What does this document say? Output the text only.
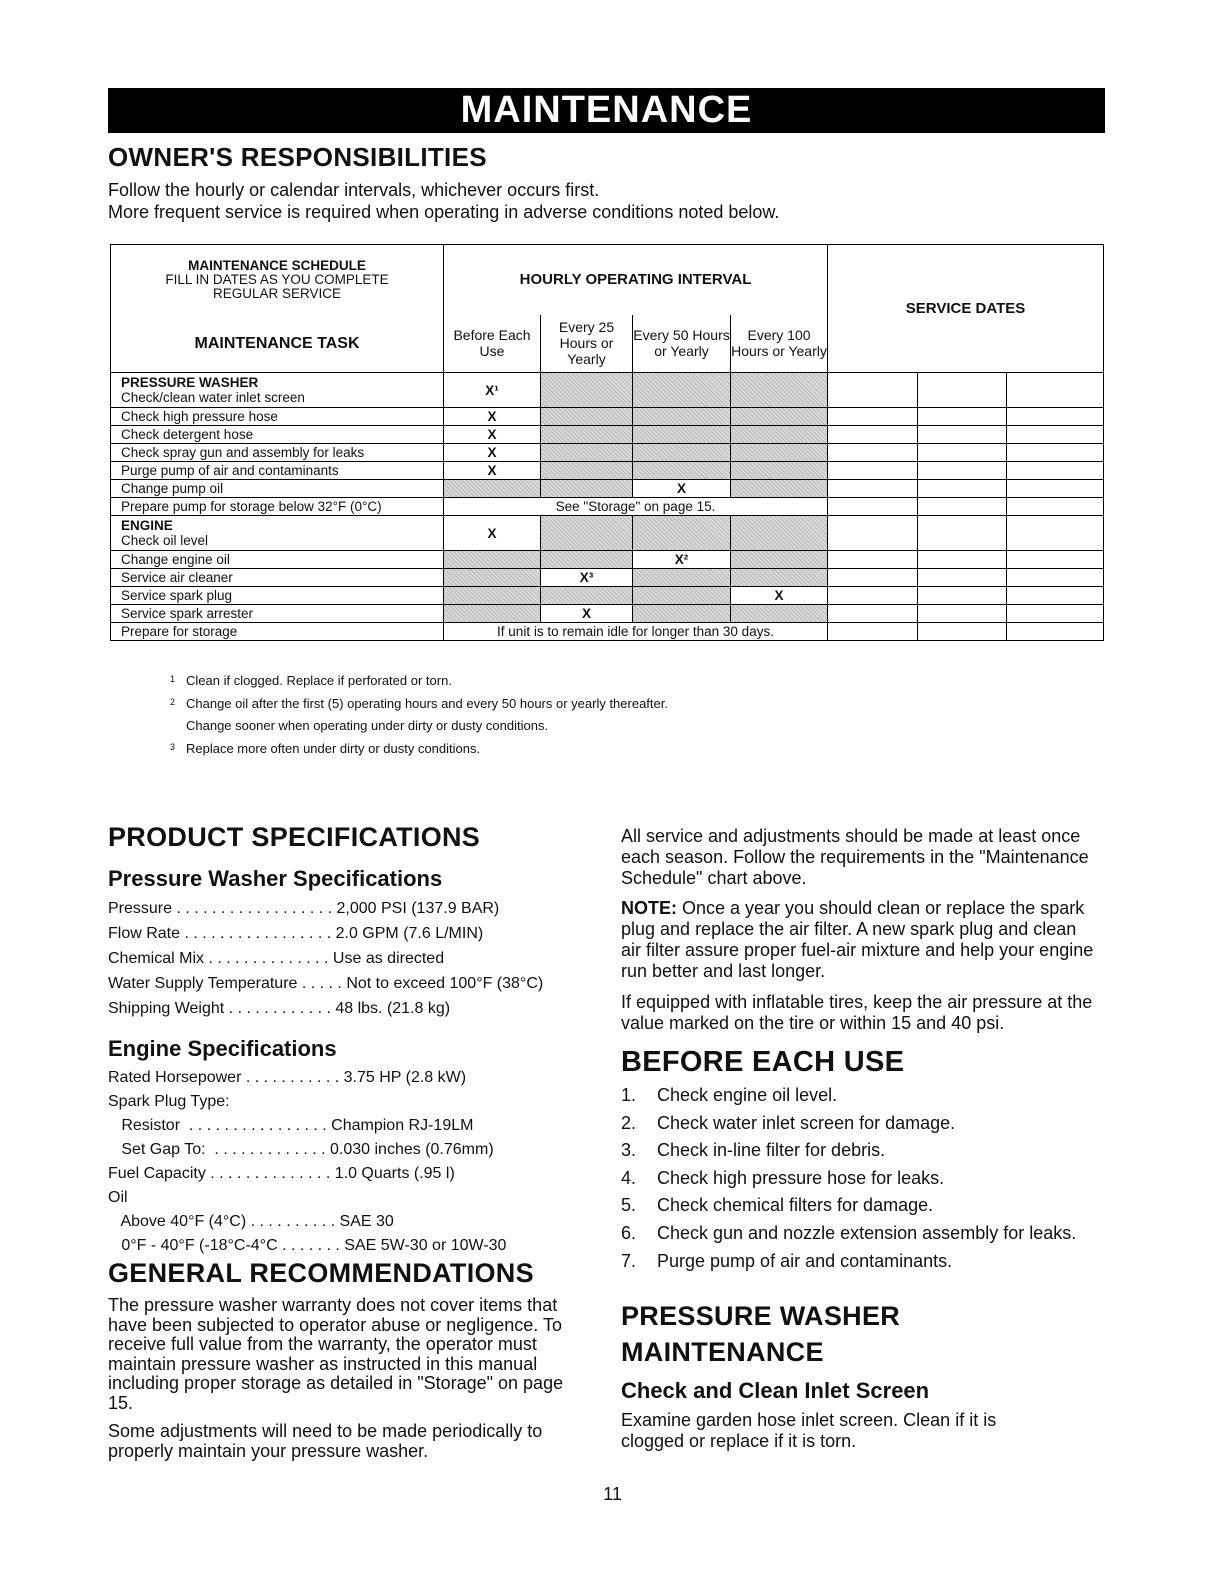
MAINTENANCE
OWNER'S RESPONSIBILITIES
Follow the hourly or calendar intervals, whichever occurs first.
More frequent service is required when operating in adverse conditions noted below.
MAINTENANCE SCHEDULE
FILL IN DATES AS YOU COMPLETE
REGULAR SERVICE	HOURLY OPERATING INTERVAL				SERVICE DATES		
MAINTENANCE TASK	Before Each Use	Every 25 Hours or Yearly	Every 50 Hours or Yearly	Every 100 Hours or Yearly			

PRESSURE WASHER
Check/clean water inlet screen	X¹						
Check high pressure hose	X						
Check detergent hose	X						
Check spray gun and assembly for leaks	X						
Purge pump of air and contaminants	X						
Change pump oil			X				
Prepare pump for storage below 32°F (0°C)	See "Storage" on page 15.						

ENGINE
Check oil level	X						
Change engine oil			X²				
Service air cleaner		X³					
Service spark plug				X			
Service spark arrester		X					
Prepare for storage	If unit is to remain idle for longer than 30 days.						
1 Clean if clogged. Replace if perforated or torn.
2 Change oil after the first (5) operating hours and every 50 hours or yearly thereafter.
Change sooner when operating under dirty or dusty conditions.
3 Replace more often under dirty or dusty conditions.
PRODUCT SPECIFICATIONS
Pressure Washer Specifications
Pressure . . . . . . . . . . . . . . . . . . 2,000 PSI (137.9 BAR)
Flow Rate . . . . . . . . . . . . . . . . . 2.0 GPM (7.6 L/MIN)
Chemical Mix . . . . . . . . . . . . . . Use as directed
Water Supply Temperature . . . . . Not to exceed 100°F (38°C)
Shipping Weight . . . . . . . . . . . . 48 lbs. (21.8 kg)
Engine Specifications
Rated Horsepower . . . . . . . . . . . 3.75 HP (2.8 kW)
Spark Plug Type:
Resistor  . . . . . . . . . . . . . . . . Champion RJ-19LM
Set Gap To:  . . . . . . . . . . . . . 0.030 inches (0.76mm)
Fuel Capacity . . . . . . . . . . . . . . 1.0 Quarts (.95 l)
Oil
Above 40°F (4°C) . . . . . . . . . . SAE 30
0°F - 40°F (-18°C-4°C . . . . . . . SAE 5W-30 or 10W-30
GENERAL RECOMMENDATIONS
The pressure washer warranty does not cover items that have been subjected to operator abuse or negligence. To receive full value from the warranty, the operator must maintain pressure washer as instructed in this manual including proper storage as detailed in "Storage" on page 15.
Some adjustments will need to be made periodically to properly maintain your pressure washer.
All service and adjustments should be made at least once each season. Follow the requirements in the "Maintenance Schedule" chart above.
NOTE: Once a year you should clean or replace the spark plug and replace the air filter. A new spark plug and clean air filter assure proper fuel-air mixture and help your engine run better and last longer.
If equipped with inflatable tires, keep the air pressure at the value marked on the tire or within 15 and 40 psi.
BEFORE EACH USE
1. Check engine oil level.
2. Check water inlet screen for damage.
3. Check in-line filter for debris.
4. Check high pressure hose for leaks.
5. Check chemical filters for damage.
6. Check gun and nozzle extension assembly for leaks.
7. Purge pump of air and contaminants.
PRESSURE WASHER
MAINTENANCE
Check and Clean Inlet Screen
Examine garden hose inlet screen. Clean if it is clogged or replace if it is torn.
11
